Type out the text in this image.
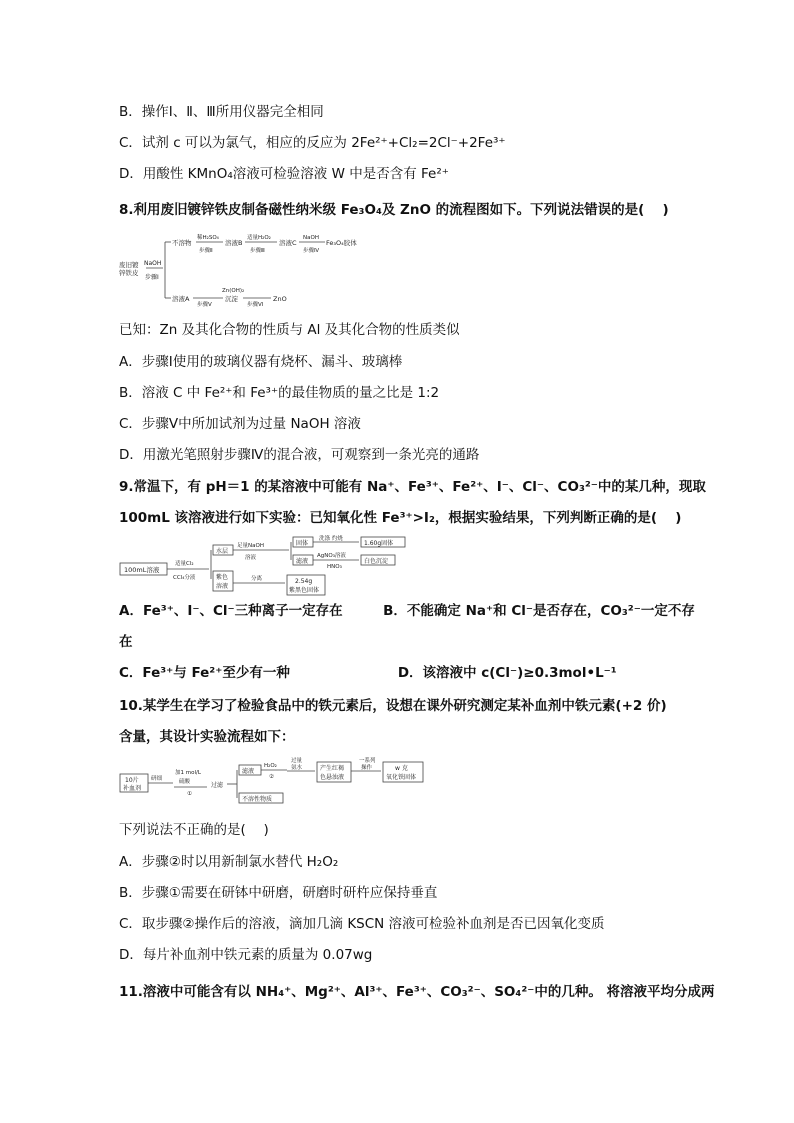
B．操作Ⅰ、Ⅱ、Ⅲ所用仪器完全相同
C．试剂 c 可以为氯气，相应的反应为 2Fe²⁺+Cl₂=2Cl⁻+2Fe³⁺
D．用酸性 KMnO₄溶液可检验溶液 W 中是否含有 Fe²⁺
8.利用废旧镀锌铁皮制备磁性纳米级 Fe₃O₄及 ZnO 的流程图如下。下列说法错误的是(　 )
废旧镀
锌铁皮
NaOH
步骤Ⅰ
不溶物
稀H₂SO₄
步骤Ⅱ
溶液B
适量H₂O₂
步骤Ⅲ
溶液C
NaOH
步骤Ⅳ
Fe₃O₄胶体
溶液A
步骤Ⅴ
Zn(OH)₂
沉淀
步骤Ⅵ
ZnO
已知：Zn 及其化合物的性质与 Al 及其化合物的性质类似
A．步骤Ⅰ使用的玻璃仪器有烧杯、漏斗、玻璃棒
B．溶液 C 中 Fe²⁺和 Fe³⁺的最佳物质的量之比是 1:2
C．步骤Ⅴ中所加试剂为过量 NaOH 溶液
D．用激光笔照射步骤Ⅳ的混合液，可观察到一条光亮的通路
9.常温下，有 pH＝1 的某溶液中可能有 Na⁺、Fe³⁺、Fe²⁺、I⁻、Cl⁻、CO₃²⁻中的某几种，现取
100mL 该溶液进行如下实验：已知氧化性 Fe³⁺>I₂，根据实验结果，下列判断正确的是(　 )
100mL溶液
适量Cl₂
CCl₄分液
水层
足量NaOH
溶液
固体
洗涤 灼烧
1.60g固体
滤液
AgNO₃溶液
HNO₃
白色沉淀
紫色
溶液
分离	2.54g
紫黑色固体
A．Fe³⁺、I⁻、Cl⁻三种离子一定存在　　　B．不能确定 Na⁺和 Cl⁻是否存在，CO₃²⁻一定不存
在
C．Fe³⁺与 Fe²⁺至少有一种　　　　　　　　D．该溶液中 c(Cl⁻)≥0.3mol•L⁻¹
10.某学生在学习了检验食品中的铁元素后，设想在课外研究测定某补血剂中铁元素(+2 价)
含量，其设计实验流程如下：
10片
补血剂
研细
加1 mol/L
硫酸
①
过滤
滤液
H₂O₂
②
过量
氨水	产生红褐
色悬浊液
一系列
操作	w 克
氧化铁固体
不溶性物质
下列说法不正确的是(　 )
A．步骤②时以用新制氯水替代 H₂O₂
B．步骤①需要在研钵中研磨，研磨时研杵应保持垂直
C．取步骤②操作后的溶液，滴加几滴 KSCN 溶液可检验补血剂是否已因氧化变质
D．每片补血剂中铁元素的质量为 0.07wg
11.溶液中可能含有以 NH₄⁺、Mg²⁺、Al³⁺、Fe³⁺、CO₃²⁻、SO₄²⁻中的几种。 将溶液平均分成两
